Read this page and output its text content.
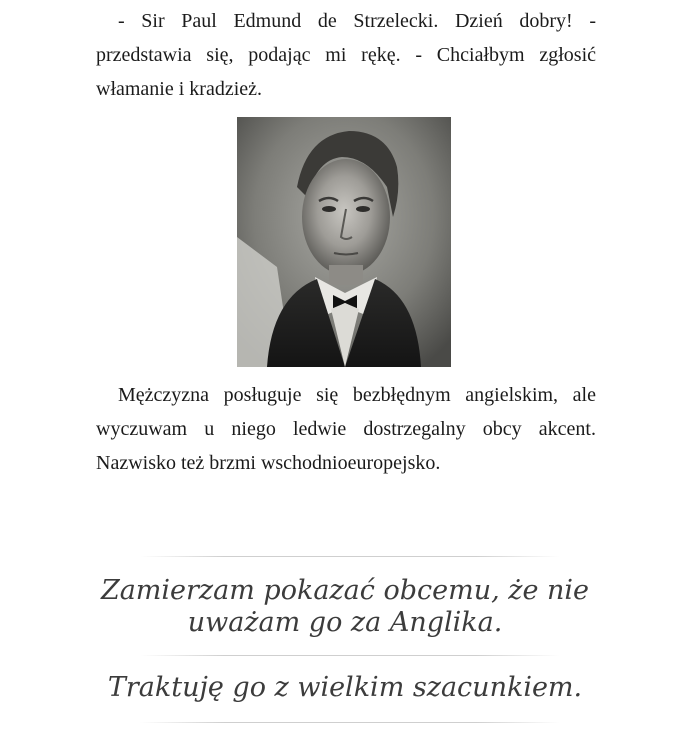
- Sir Paul Edmund de Strzelecki. Dzień dobry! - przedstawia się, podając mi rękę. - Chciałbym zgłosić włamanie i kradzież.

Mężczyzna posługuje się bezbłędnym angielskim, ale wyczuwam u niego ledwie dostrzegalny obcy akcent. Nazwisko też brzmi wschodnioeuropejsko.

Zamierzam pokazać obcemu, że nie uważam go za Anglika.

Traktuję go z wielkim szacunkiem.
